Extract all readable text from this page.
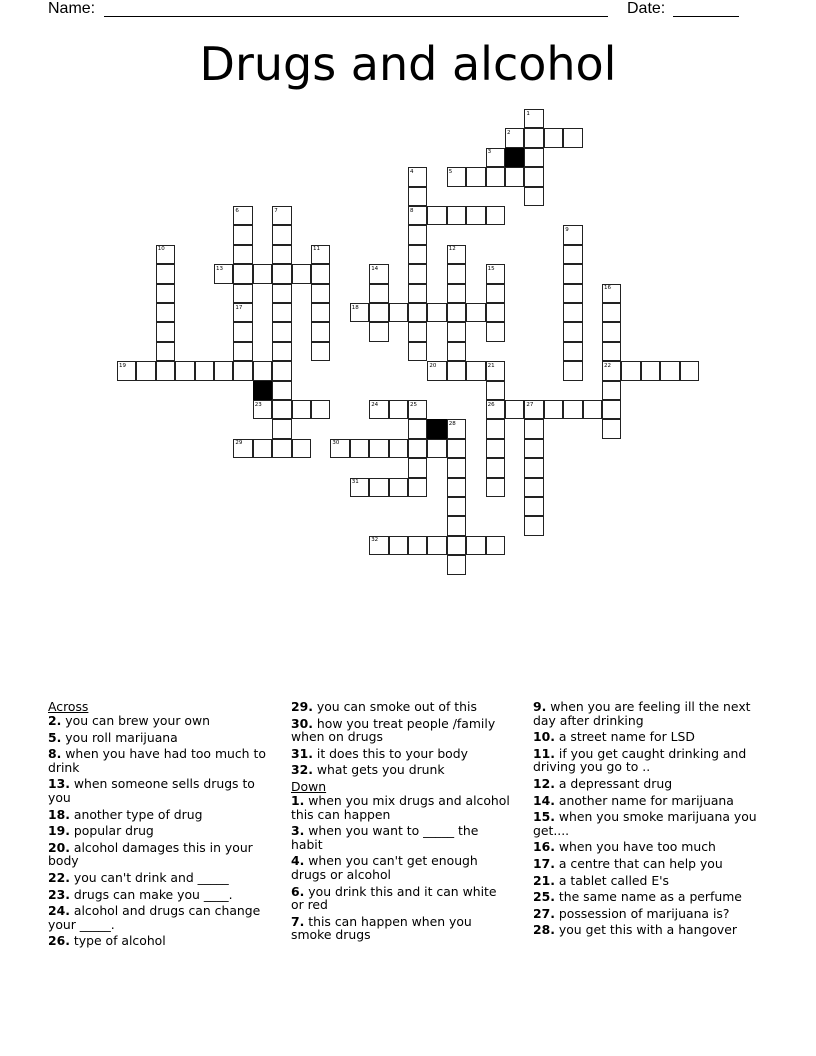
Name:	Date:
Drugs and alcohol
1
2
3
4	5
6	7	8
9
10	11	12
13	14	15
16
17	18
19	20	21	22
23	24	25	26	27
28
29	30
31
32
Across
2. you can brew your own
5. you roll marijuana
8. when you have had too much to drink
13. when someone sells drugs to you
18. another type of drug
19. popular drug
20. alcohol damages this in your body
22. you can't drink and _____
23. drugs can make you ____.
24. alcohol and drugs can change your _____.
26. type of alcohol
29. you can smoke out of this
30. how you treat people /family when on drugs
31. it does this to your body
32. what gets you drunk
Down
1. when you mix drugs and alcohol this can happen
3. when you want to _____ the habit
4. when you can't get enough drugs or alcohol
6. you drink this and it can white or red
7. this can happen when you smoke drugs
9. when you are feeling ill the next day after drinking
10. a street name for LSD
11. if you get caught drinking and driving you go to ..
12. a depressant drug
14. another name for marijuana
15. when you smoke marijuana you get....
16. when you have too much
17. a centre that can help you
21. a tablet called E's
25. the same name as a perfume
27. possession of marijuana is?
28. you get this with a hangover
